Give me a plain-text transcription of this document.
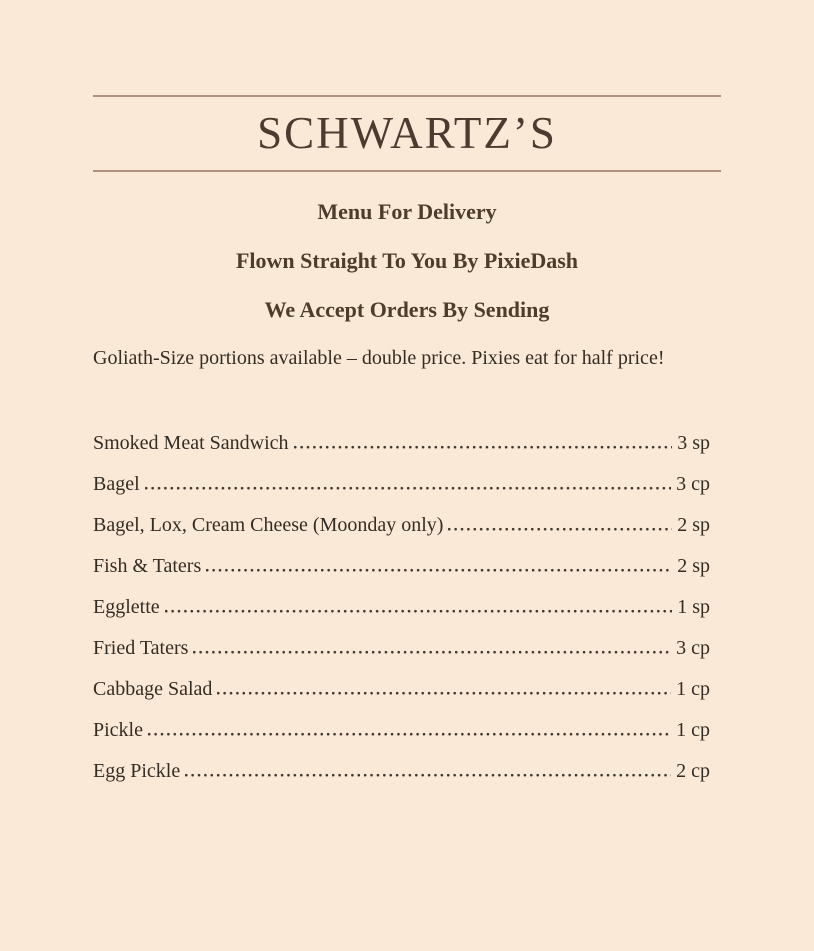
SCHWARTZ’S

Menu For Delivery

Flown Straight To You By PixieDash

We Accept Orders By Sending

Goliath-Size portions available – double price. Pixies eat for half price!
Smoked Meat Sandwich	3 sp
Bagel	3 cp
Bagel, Lox, Cream Cheese (Moonday only)	2 sp
Fish & Taters	2 sp
Egglette	1 sp
Fried Taters	3 cp
Cabbage Salad	1 cp
Pickle	1 cp
Egg Pickle	2 cp
